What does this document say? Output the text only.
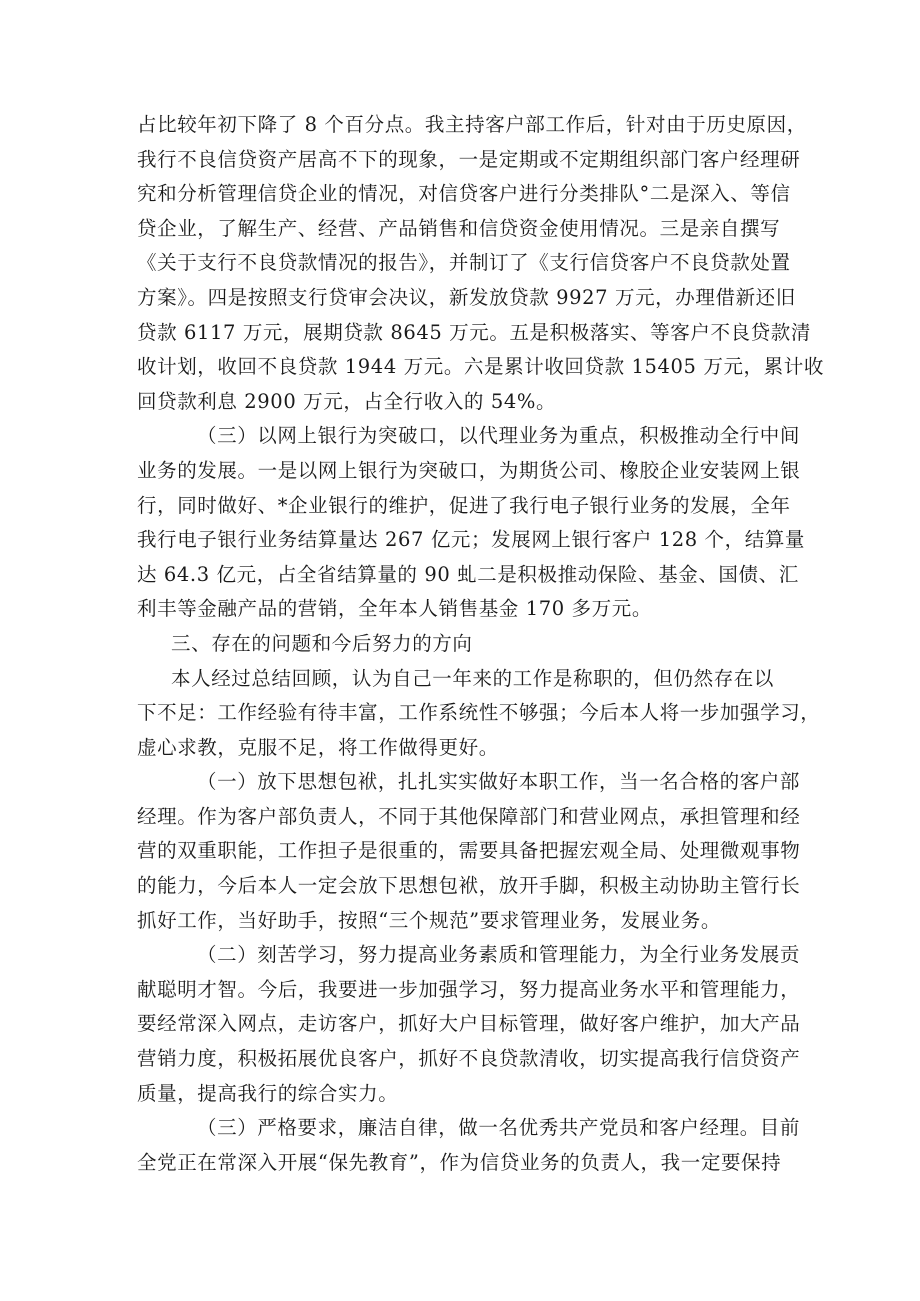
占比较年初下降了 8 个百分点。我主持客户部工作后，针对由于历史原因，
我行不良信贷资产居高不下的现象，一是定期或不定期组织部门客户经理研
究和分析管理信贷企业的情况，对信贷客户进行分类排队°二是深入、等信
贷企业，了解生产、经营、产品销售和信贷资金使用情况。三是亲自撰写
《关于支行不良贷款情况的报告》，并制订了《支行信贷客户不良贷款处置
方案》。四是按照支行贷审会决议，新发放贷款 9927 万元，办理借新还旧
贷款 6117 万元，展期贷款 8645 万元。五是积极落实、等客户不良贷款清
收计划，收回不良贷款 1944 万元。六是累计收回贷款 15405 万元，累计收
回贷款利息 2900 万元，占全行收入的 54%。
（三）以网上银行为突破口，以代理业务为重点，积极推动全行中间
业务的发展。一是以网上银行为突破口，为期货公司、橡胶企业安装网上银
行，同时做好、*企业银行的维护，促进了我行电子银行业务的发展，全年
我行电子银行业务结算量达 267 亿元；发展网上银行客户 128 个，结算量
达 64.3 亿元，占全省结算量的 90 虬二是积极推动保险、基金、国债、汇
利丰等金融产品的营销，全年本人销售基金 170 多万元。
三、存在的问题和今后努力的方向
本人经过总结回顾，认为自己一年来的工作是称职的，但仍然存在以
下不足：工作经验有待丰富，工作系统性不够强；今后本人将一步加强学习，
虚心求教，克服不足，将工作做得更好。
（一）放下思想包袱，扎扎实实做好本职工作，当一名合格的客户部
经理。作为客户部负责人，不同于其他保障部门和营业网点，承担管理和经
营的双重职能，工作担子是很重的，需要具备把握宏观全局、处理微观事物
的能力，今后本人一定会放下思想包袱，放开手脚，积极主动协助主管行长
抓好工作，当好助手，按照“三个规范”要求管理业务，发展业务。
（二）刻苦学习，努力提高业务素质和管理能力，为全行业务发展贡
献聪明才智。今后，我要进一步加强学习，努力提高业务水平和管理能力，
要经常深入网点，走访客户，抓好大户目标管理，做好客户维护，加大产品
营销力度，积极拓展优良客户，抓好不良贷款清收，切实提高我行信贷资产
质量，提高我行的综合实力。
（三）严格要求，廉洁自律，做一名优秀共产党员和客户经理。目前
全党正在常深入开展“保先教育”，作为信贷业务的负责人，我一定要保持
